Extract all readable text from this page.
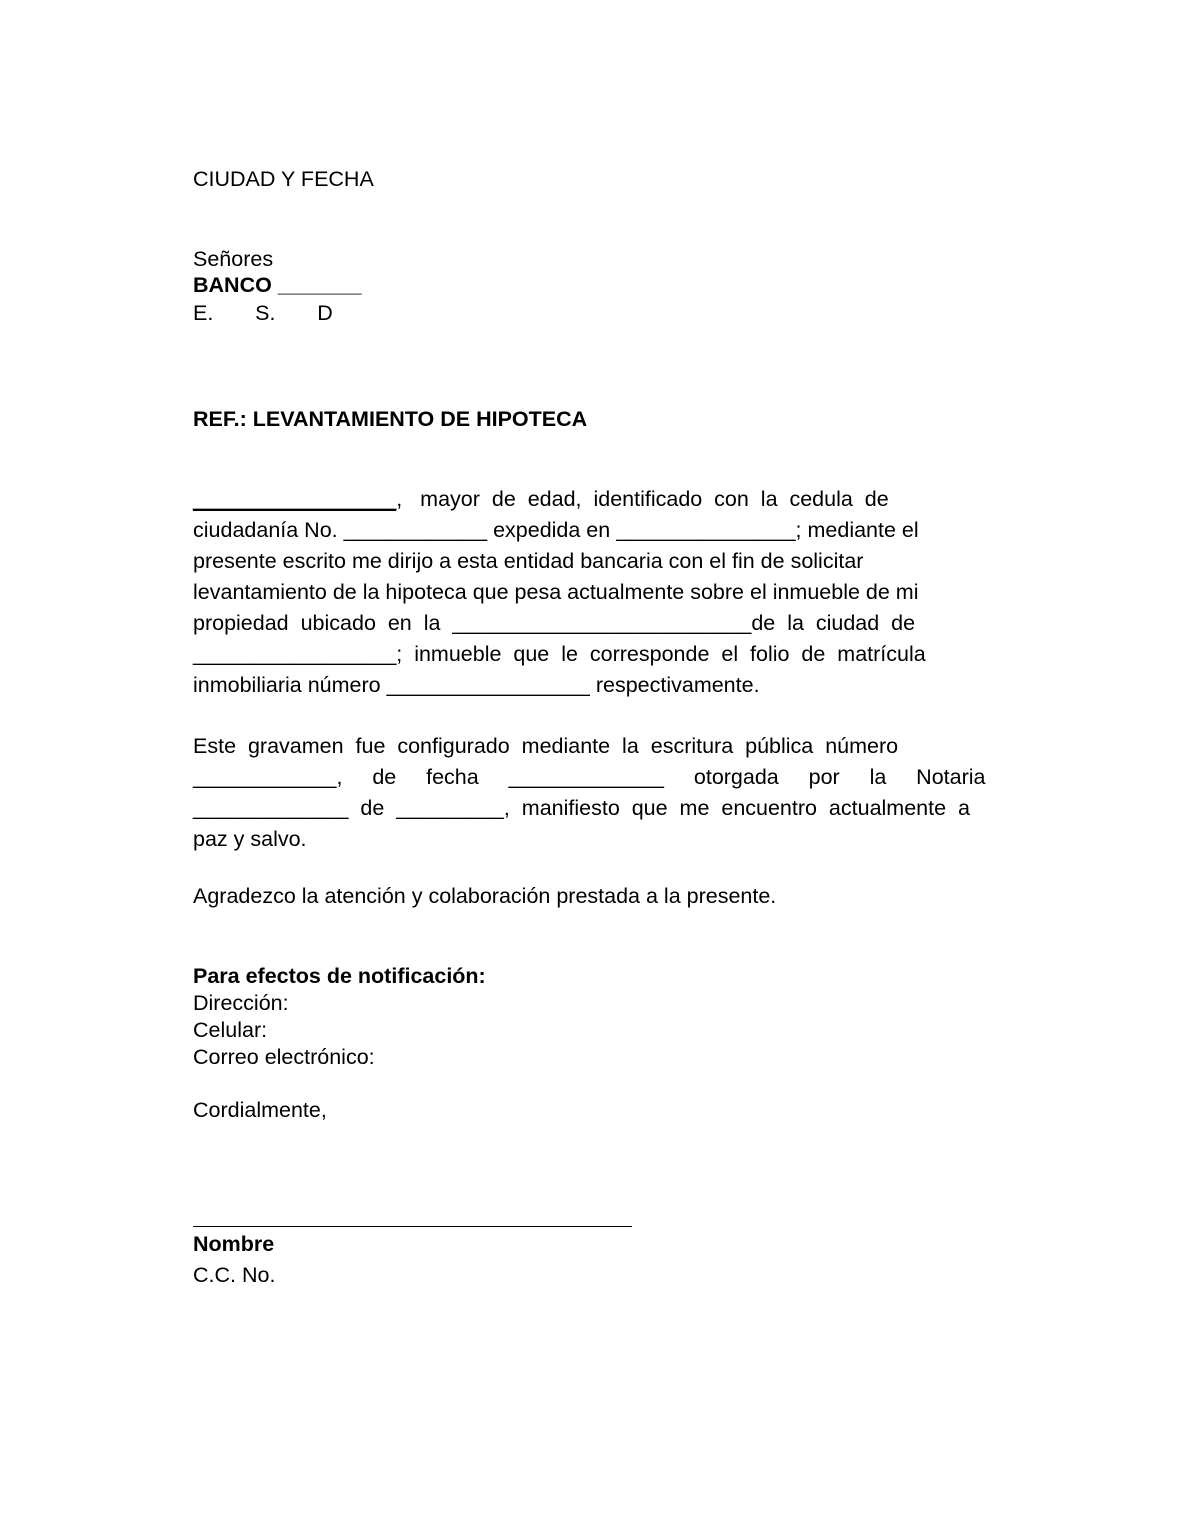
CIUDAD Y FECHA
Señores
BANCO _______
E.       S.       D
REF.: LEVANTAMIENTO DE HIPOTECA
_________________,   mayor  de  edad,  identificado  con  la  cedula  de
ciudadanía No. ____________ expedida en _______________; mediante el
presente escrito me dirijo a esta entidad bancaria con el fin de solicitar
levantamiento de la hipoteca que pesa actualmente sobre el inmueble de mi
propiedad  ubicado  en  la  _________________________de  la  ciudad  de
_________________;  inmueble  que  le  corresponde  el  folio  de  matrícula
inmobiliaria número _________________ respectivamente.
Este  gravamen  fue  configurado  mediante  la  escritura  pública  número
____________,     de     fecha     _____________     otorgada     por     la     Notaria
_____________  de  _________,  manifiesto  que  me  encuentro  actualmente  a
paz y salvo.
Agradezco la atención y colaboración prestada a la presente.
Para efectos de notificación:
Dirección:
Celular:
Correo electrónico:
Cordialmente,
Nombre
C.C. No.
